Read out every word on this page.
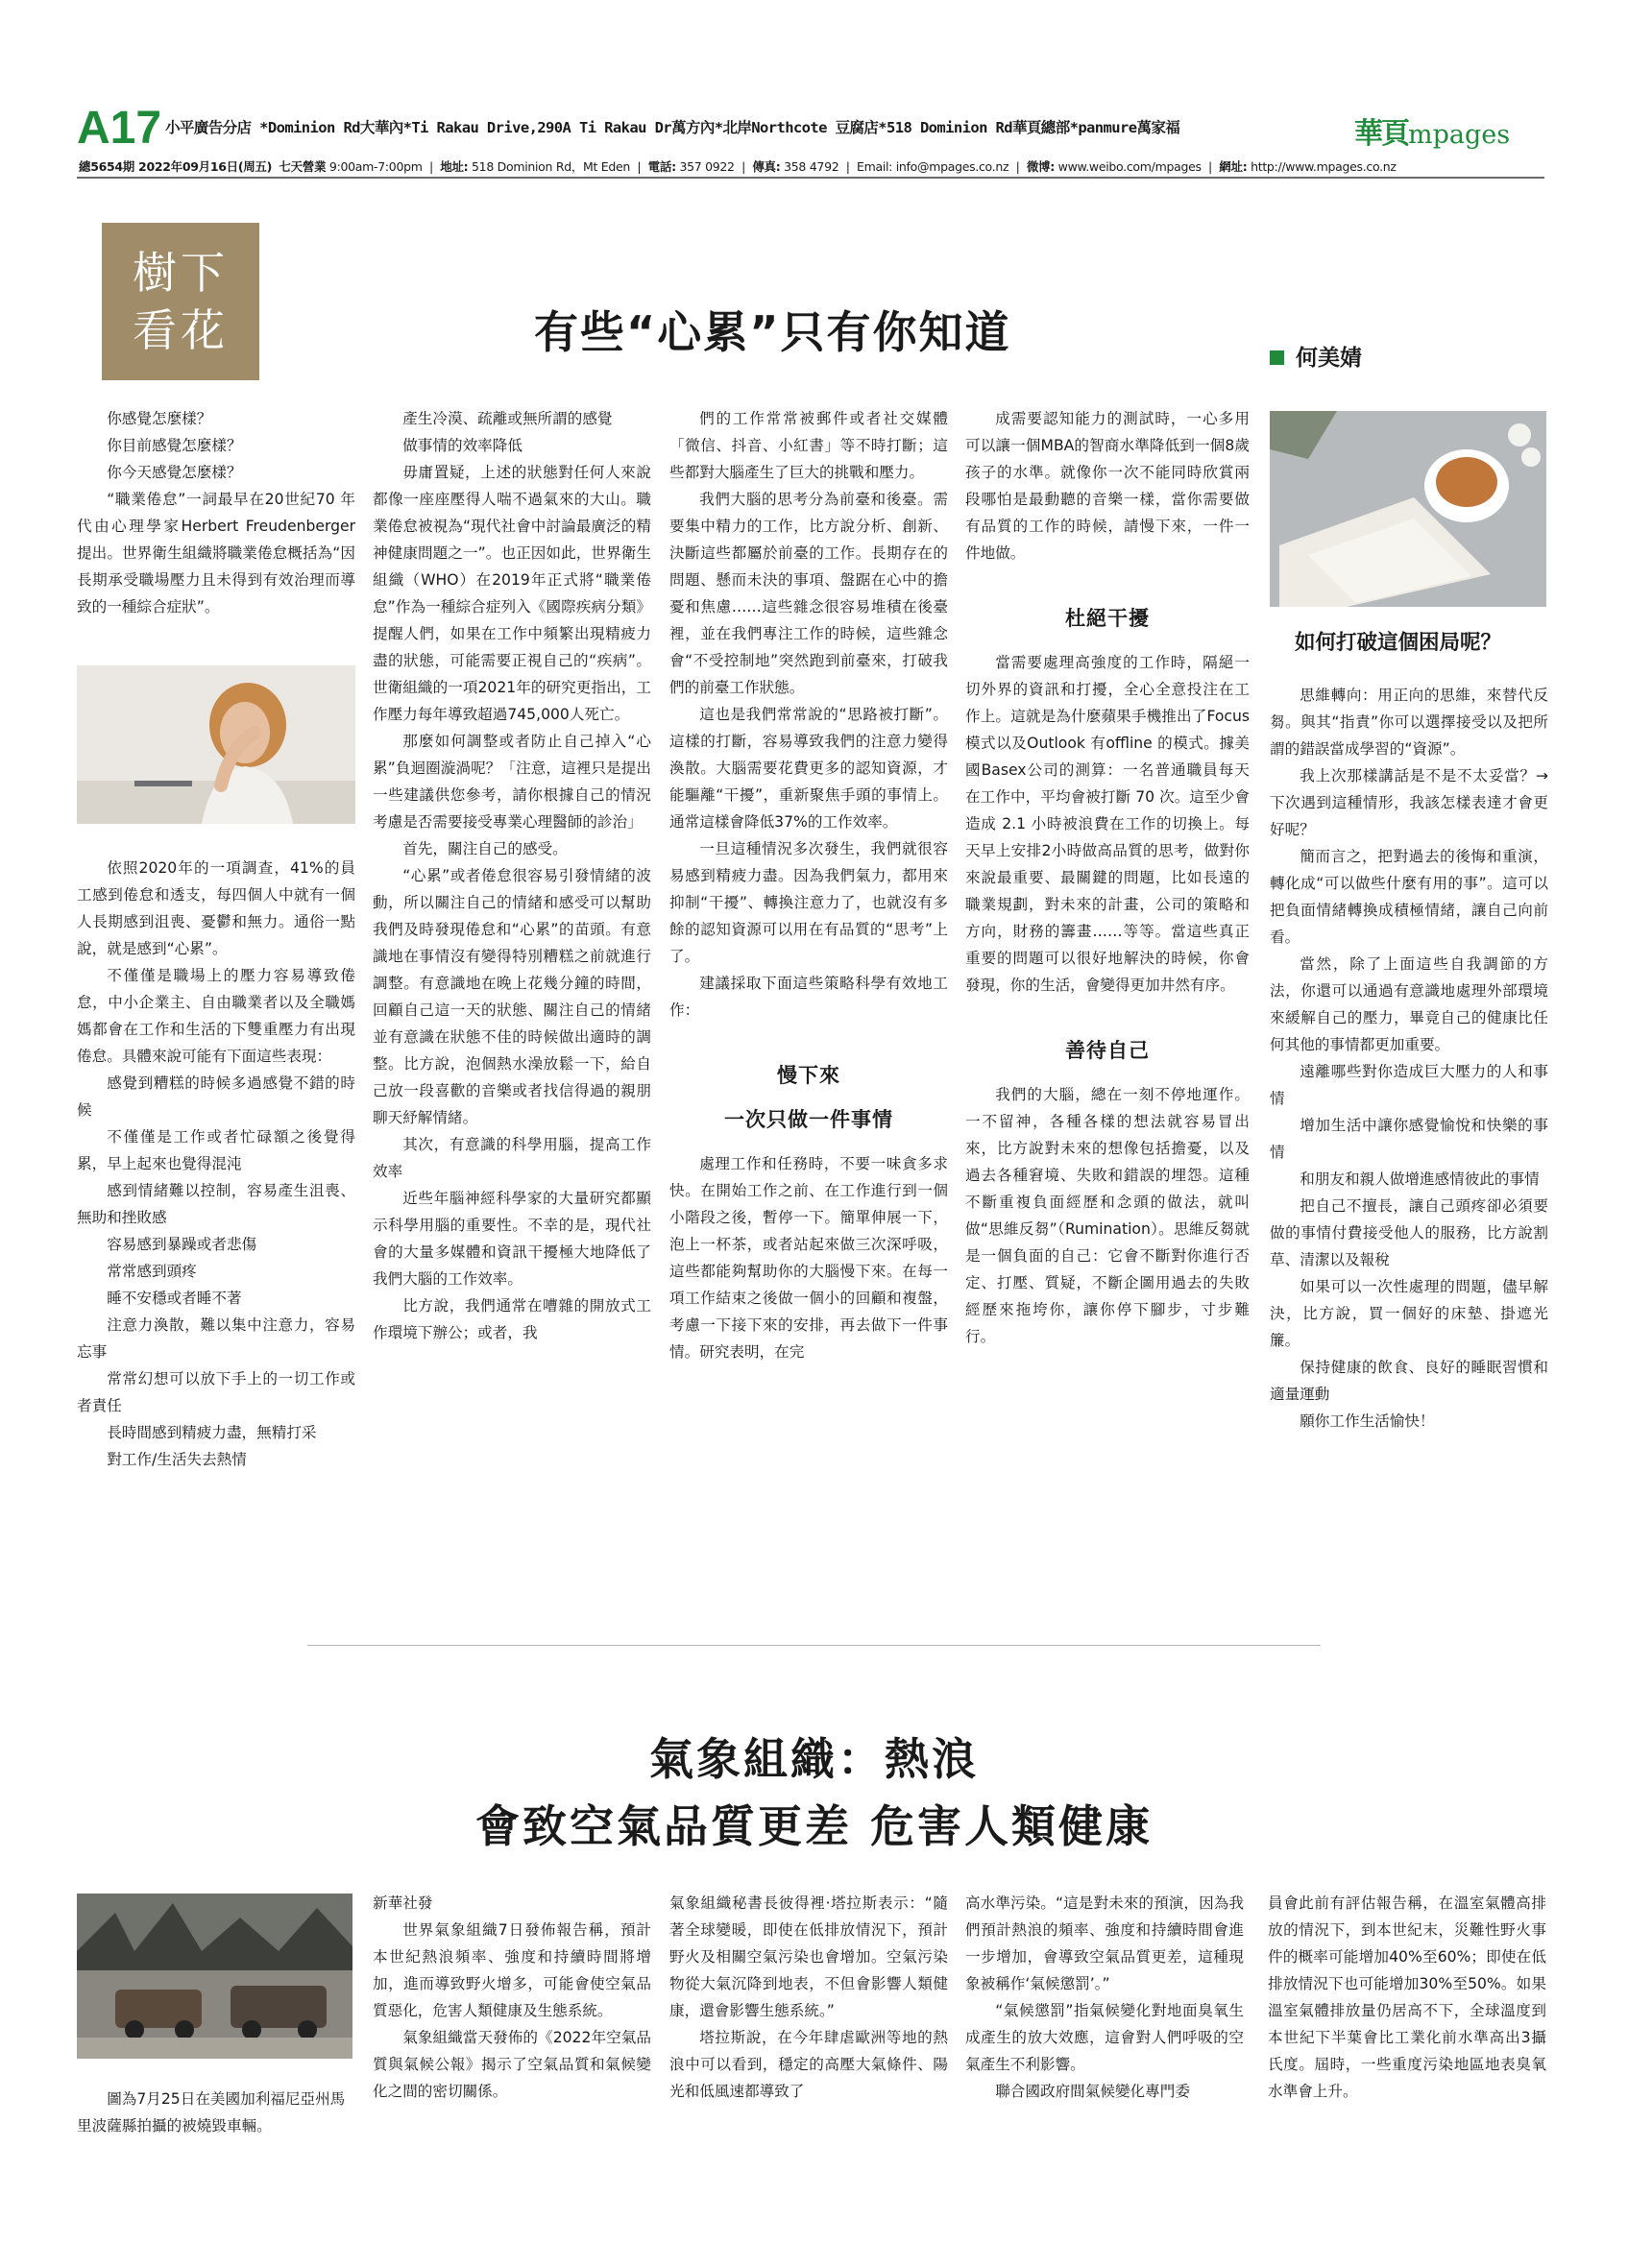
A17 小平廣告分店 *Dominion Rd大華內*Ti Rakau Drive,290A Ti Rakau Dr萬方內*北岸Northcote 豆腐店*518 Dominion Rd華頁總部*panmure萬家福	華頁mpages
總5654期 2022年09月16日(周五) 七天營業 9:00am-7:00pm  |  地址: 518 Dominion Rd，Mt Eden  |  電話: 357 0922  |  傳真: 358 4792  |  Email: info@mpages.co.nz  |  微博: www.weibo.com/mpages  |  網址: http://www.mpages.co.nz
樹下
看花	有些“心累”只有你知道	何美婧

你感覺怎麼樣？

你目前感覺怎麼樣？

你今天感覺怎麼樣？

“職業倦怠”一詞最早在20世紀70 年代由心理學家Herbert Freudenberger 提出。世界衛生組織將職業倦怠概括為“因長期承受職場壓力且未得到有效治理而導致的一種綜合症狀”。

依照2020年的一項調查，41%的員工感到倦怠和透支，每四個人中就有一個人長期感到沮喪、憂鬱和無力。通俗一點說，就是感到“心累”。

不僅僅是職場上的壓力容易導致倦怠，中小企業主、自由職業者以及全職媽媽都會在工作和生活的下雙重壓力有出現倦怠。具體來說可能有下面這些表現：

感覺到糟糕的時候多過感覺不錯的時候

不僅僅是工作或者忙碌額之後覺得累，早上起來也覺得混沌

感到情緒難以控制，容易產生沮喪、無助和挫敗感

容易感到暴躁或者悲傷

常常感到頭疼

睡不安穩或者睡不著

注意力渙散，難以集中注意力，容易忘事

常常幻想可以放下手上的一切工作或者責任

長時間感到精疲力盡，無精打采

對工作/生活失去熱情

產生冷漠、疏離或無所謂的感覺

做事情的效率降低

毋庸置疑，上述的狀態對任何人來說都像一座座壓得人喘不過氣來的大山。職業倦怠被視為“現代社會中討論最廣泛的精神健康問題之一”。也正因如此，世界衛生組織（WHO）在2019年正式將“職業倦怠”作為一種綜合症列入《國際疾病分類》提醒人們，如果在工作中頻繁出現精疲力盡的狀態，可能需要正視自己的“疾病”。世衛組織的一項2021年的研究更指出，工作壓力每年導致超過745,000人死亡。

那麼如何調整或者防止自己掉入“心累”負迴圈漩渦呢？「注意，這裡只是提出一些建議供您參考，請你根據自己的情況考慮是否需要接受專業心理醫師的診治」

首先，關注自己的感受。

“心累”或者倦怠很容易引發情緒的波動，所以關注自己的情緒和感受可以幫助我們及時發現倦怠和“心累”的苗頭。有意識地在事情沒有變得特別糟糕之前就進行調整。有意識地在晚上花幾分鐘的時間，回顧自己這一天的狀態、關注自己的情緒並有意識在狀態不佳的時候做出適時的調整。比方說，泡個熱水澡放鬆一下，給自己放一段喜歡的音樂或者找信得過的親朋聊天紓解情緒。

其次，有意識的科學用腦，提高工作效率

近些年腦神經科學家的大量研究都顯示科學用腦的重要性。不幸的是，現代社會的大量多媒體和資訊干擾極大地降低了我們大腦的工作效率。

比方說，我們通常在嘈雜的開放式工作環境下辦公；或者，我

們的工作常常被郵件或者社交媒體「微信、抖音、小紅書」等不時打斷；這些都對大腦產生了巨大的挑戰和壓力。

我們大腦的思考分為前臺和後臺。需要集中精力的工作，比方說分析、創新、決斷這些都屬於前臺的工作。長期存在的問題、懸而未決的事項、盤踞在心中的擔憂和焦慮……這些雜念很容易堆積在後臺裡，並在我們專注工作的時候，這些雜念會“不受控制地”突然跑到前臺來，打破我們的前臺工作狀態。

這也是我們常常說的“思路被打斷”。這樣的打斷，容易導致我們的注意力變得渙散。大腦需要花費更多的認知資源，才能驅離“干擾”，重新聚焦手頭的事情上。通常這樣會降低37%的工作效率。

一旦這種情況多次發生，我們就很容易感到精疲力盡。因為我們氣力，都用來抑制“干擾”、轉換注意力了，也就沒有多餘的認知資源可以用在有品質的“思考”上了。

建議採取下面這些策略科學有效地工作：

慢下來
一次只做一件事情

處理工作和任務時，不要一味貪多求快。在開始工作之前、在工作進行到一個小階段之後，暫停一下。簡單伸展一下，泡上一杯茶，或者站起來做三次深呼吸，這些都能夠幫助你的大腦慢下來。在每一項工作結束之後做一個小的回顧和複盤，考慮一下接下來的安排，再去做下一件事情。研究表明，在完

成需要認知能力的測試時，一心多用可以讓一個MBA的智商水準降低到一個8歲孩子的水準。就像你一次不能同時欣賞兩段哪怕是最動聽的音樂一樣，當你需要做有品質的工作的時候，請慢下來，一件一件地做。

杜絕干擾

當需要處理高強度的工作時，隔絕一切外界的資訊和打擾，全心全意投注在工作上。這就是為什麼蘋果手機推出了Focus 模式以及Outlook 有offline 的模式。據美國Basex公司的測算：一名普通職員每天在工作中，平均會被打斷 70 次。這至少會造成 2.1 小時被浪費在工作的切換上。每天早上安排2小時做高品質的思考，做對你來說最重要、最關鍵的問題，比如長遠的職業規劃，對未來的計畫，公司的策略和方向，財務的籌畫……等等。當這些真正重要的問題可以很好地解決的時候，你會發現，你的生活，會變得更加井然有序。

善待自己

我們的大腦，總在一刻不停地運作。一不留神，各種各樣的想法就容易冒出來，比方說對未來的想像包括擔憂，以及過去各種窘境、失敗和錯誤的埋怨。這種不斷重複負面經歷和念頭的做法，就叫做“思維反芻”（Rumination）。思維反芻就是一個負面的自己：它會不斷對你進行否定、打壓、質疑，不斷企圖用過去的失敗經歷來拖垮你，讓你停下腳步，寸步難行。

如何打破這個困局呢？

思維轉向：用正向的思維，來替代反芻。與其“指責”你可以選擇接受以及把所謂的錯誤當成學習的“資源”。

我上次那樣講話是不是不太妥當？→ 下次遇到這種情形，我該怎樣表達才會更好呢？

簡而言之，把對過去的後悔和重演，轉化成“可以做些什麼有用的事”。這可以把負面情緒轉換成積極情緒，讓自己向前看。

當然，除了上面這些自我調節的方法，你還可以通過有意識地處理外部環境來緩解自己的壓力，畢竟自己的健康比任何其他的事情都更加重要。

遠離哪些對你造成巨大壓力的人和事情

增加生活中讓你感覺愉悅和快樂的事情

和朋友和親人做增進感情彼此的事情

把自己不擅長，讓自己頭疼卻必須要做的事情付費接受他人的服務，比方說割草、清潔以及報稅

如果可以一次性處理的問題，儘早解決，比方說，買一個好的床墊、掛遮光簾。

保持健康的飲食、良好的睡眠習慣和適量運動

願你工作生活愉快！

氣象組織：熱浪
會致空氣品質更差 危害人類健康
圖為7月25日在美國加利福尼亞州馬里波薩縣拍攝的被燒毀車輛。

新華社發

世界氣象組織7日發佈報告稱，預計本世紀熱浪頻率、強度和持續時間將增加，進而導致野火增多，可能會使空氣品質惡化，危害人類健康及生態系統。

氣象組織當天發佈的《2022年空氣品質與氣候公報》揭示了空氣品質和氣候變化之間的密切關係。

氣象組織秘書長彼得裡·塔拉斯表示：“隨著全球變暖，即使在低排放情況下，預計野火及相關空氣污染也會增加。空氣污染物從大氣沉降到地表，不但會影響人類健康，還會影響生態系統。”

塔拉斯說，在今年肆虐歐洲等地的熱浪中可以看到，穩定的高壓大氣條件、陽光和低風速都導致了

高水準污染。“這是對未來的預演，因為我們預計熱浪的頻率、強度和持續時間會進一步增加，會導致空氣品質更差，這種現象被稱作‘氣候懲罰’。”

“氣候懲罰”指氣候變化對地面臭氧生成產生的放大效應，這會對人們呼吸的空氣產生不利影響。

聯合國政府間氣候變化專門委

員會此前有評估報告稱，在溫室氣體高排放的情況下，到本世紀末，災難性野火事件的概率可能增加40%至60%；即使在低排放情況下也可能增加30%至50%。如果溫室氣體排放量仍居高不下，全球溫度到本世紀下半葉會比工業化前水準高出3攝氏度。屆時，一些重度污染地區地表臭氧水準會上升。
